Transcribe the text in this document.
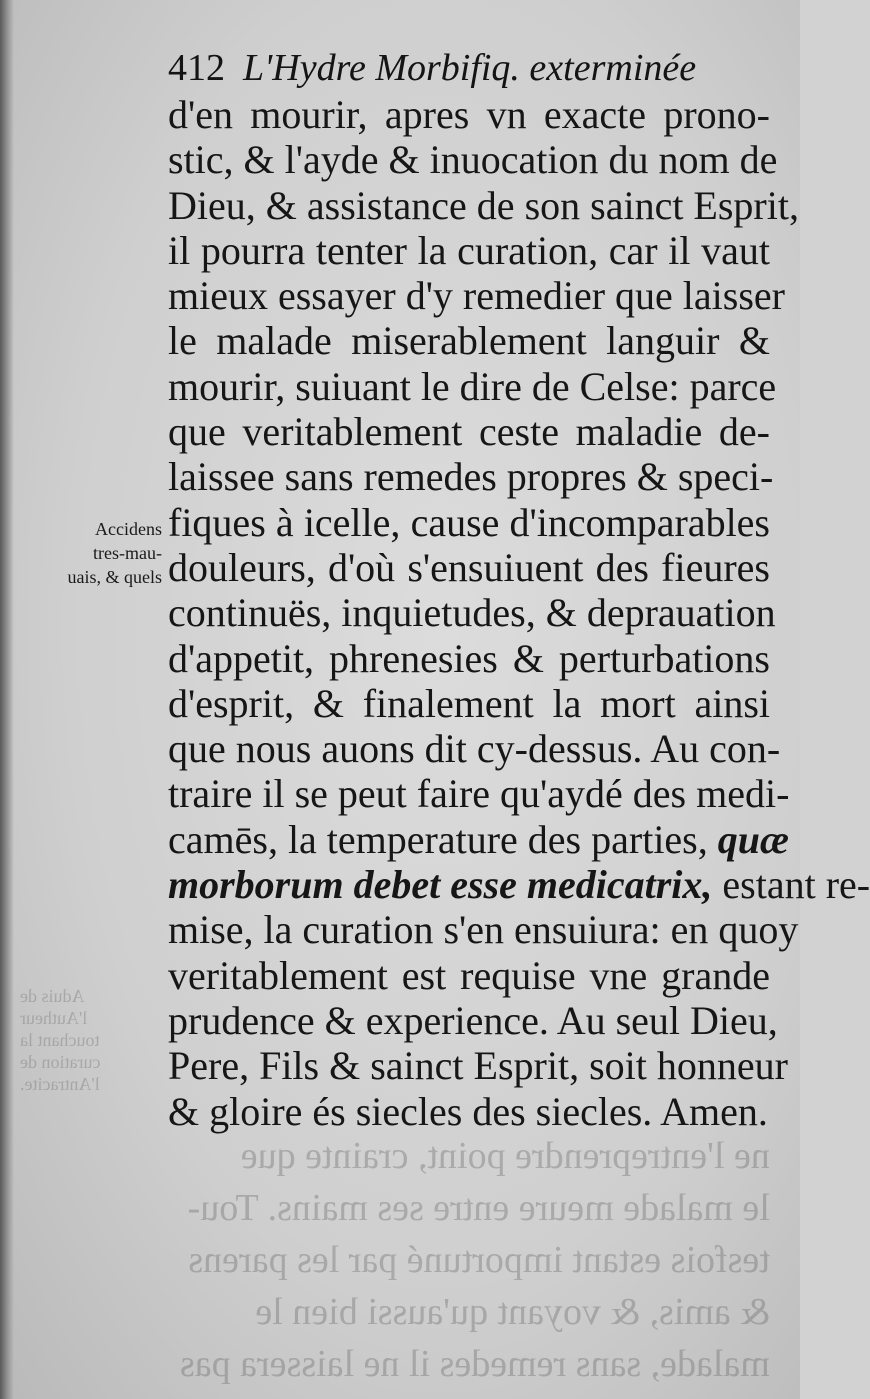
412 L'Hydre Morbifiq. exterminée
Accidens
tres-mau-
uais, & quels
d'en mourir, apres vn exacte prono-
stic, & l'ayde & inuocation du nom de
Dieu, & assistance de son sainct Esprit,
il pourra tenter la curation, car il vaut
mieux essayer d'y remedier que laisser
le malade miserablement languir &
mourir, suiuant le dire de Celse: parce
que veritablement ceste maladie de-
laissee sans remedes propres & speci-
fiques à icelle, cause d'incomparables
douleurs, d'où s'ensuiuent des fieures
continuës, inquietudes, & deprauation
d'appetit, phrenesies & perturbations
d'esprit, & finalement la mort ainsi
que nous auons dit cy-dessus. Au con-
traire il se peut faire qu'aydé des medi-
camēs, la temperature des parties, quæ
morborum debet esse medicatrix, estant re-
mise, la curation s'en ensuiura: en quoy
veritablement est requise vne grande
prudence & experience. Au seul Dieu,
Pere, Fils & sainct Esprit, soit honneur
& gloire és siecles des siecles. Amen.
ne l'entreprendre point, crainte que
le malade meure entre ses mains. Tou-
tesfois estant importuné par les parens
& amis, & voyant qu'aussi bien le
malade, sans remedes il ne laissera pas
Aduis de
l'Autheur
touchant la
curation de
l'Antracite.
